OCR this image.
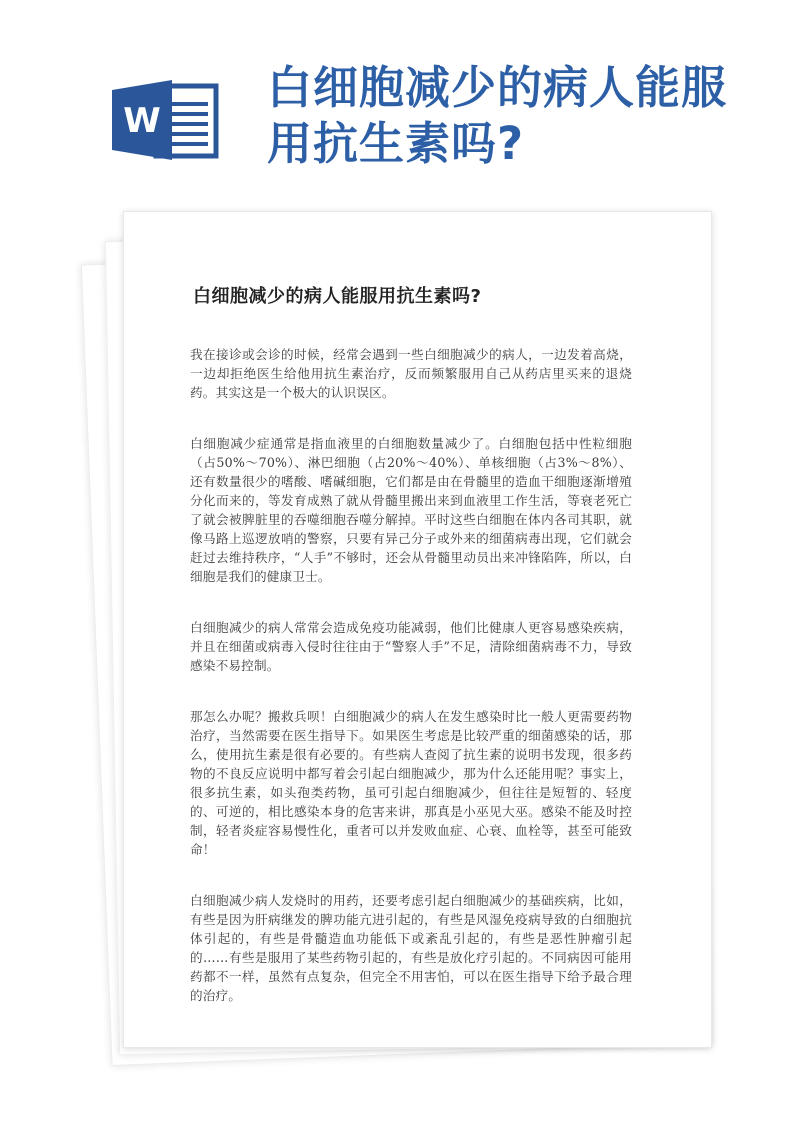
W
白细胞减少的病人能服用抗生素吗?
白细胞减少的病人能服用抗生素吗?

我在接诊或会诊的时候，经常会遇到一些白细胞减少的病人，一边发着高烧，一边却拒绝医生给他用抗生素治疗，反而频繁服用自己从药店里买来的退烧药。其实这是一个极大的认识误区。

白细胞减少症通常是指血液里的白细胞数量减少了。白细胞包括中性粒细胞（占50%～70%）、淋巴细胞（占20%～40%）、单核细胞（占3%～8%）、还有数量很少的嗜酸、嗜碱细胞，它们都是由在骨髓里的造血干细胞逐渐增殖分化而来的，等发育成熟了就从骨髓里搬出来到血液里工作生活，等衰老死亡了就会被脾脏里的吞噬细胞吞噬分解掉。平时这些白细胞在体内各司其职，就像马路上巡逻放哨的警察，只要有异己分子或外来的细菌病毒出现，它们就会赶过去维持秩序，“人手”不够时，还会从骨髓里动员出来冲锋陷阵，所以，白细胞是我们的健康卫士。

白细胞减少的病人常常会造成免疫功能减弱，他们比健康人更容易感染疾病，并且在细菌或病毒入侵时往往由于“警察人手”不足，清除细菌病毒不力，导致感染不易控制。

那怎么办呢？搬救兵呗！白细胞减少的病人在发生感染时比一般人更需要药物治疗，当然需要在医生指导下。如果医生考虑是比较严重的细菌感染的话，那么，使用抗生素是很有必要的。有些病人查阅了抗生素的说明书发现，很多药物的不良反应说明中都写着会引起白细胞减少，那为什么还能用呢？事实上，很多抗生素，如头孢类药物，虽可引起白细胞减少，但往往是短暂的、轻度的、可逆的，相比感染本身的危害来讲，那真是小巫见大巫。感染不能及时控制，轻者炎症容易慢性化，重者可以并发败血症、心衰、血栓等，甚至可能致命！

白细胞减少病人发烧时的用药，还要考虑引起白细胞减少的基础疾病，比如，有些是因为肝病继发的脾功能亢进引起的，有些是风湿免疫病导致的白细胞抗体引起的，有些是骨髓造血功能低下或紊乱引起的，有些是恶性肿瘤引起的……有些是服用了某些药物引起的，有些是放化疗引起的。不同病因可能用药都不一样，虽然有点复杂，但完全不用害怕，可以在医生指导下给予最合理的治疗。
